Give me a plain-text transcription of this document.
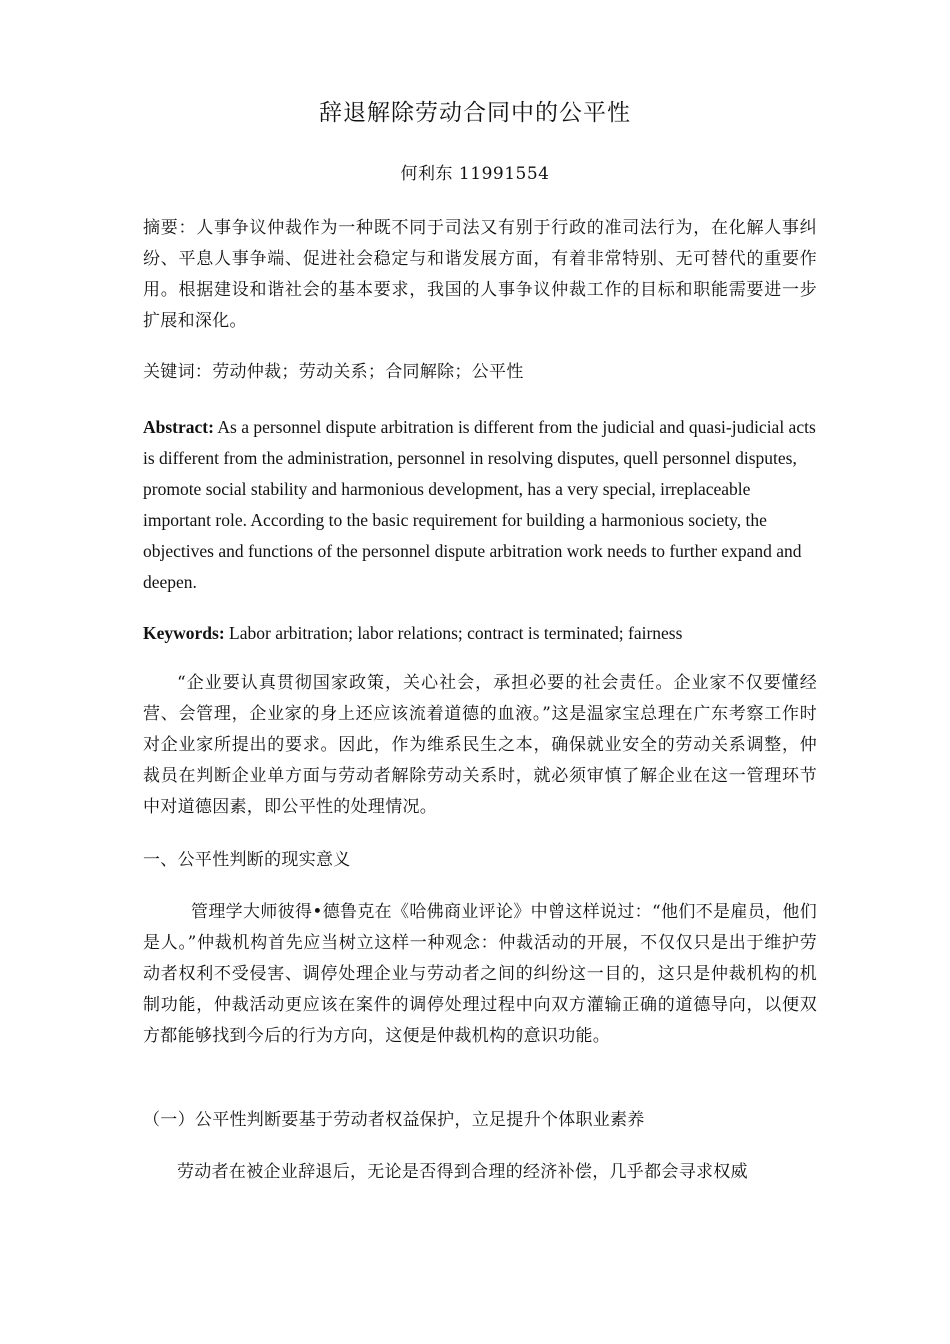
辞退解除劳动合同中的公平性
何利东 11991554

摘要：人事争议仲裁作为一种既不同于司法又有别于行政的准司法行为，在化解人事纠纷、平息人事争端、促进社会稳定与和谐发展方面，有着非常特别、无可替代的重要作用。根据建设和谐社会的基本要求，我国的人事争议仲裁工作的目标和职能需要进一步扩展和深化。

关键词：劳动仲裁；劳动关系；合同解除；公平性

Abstract: As a personnel dispute arbitration is different from the judicial and quasi-judicial acts is different from the administration, personnel in resolving disputes, quell personnel disputes, promote social stability and harmonious development, has a very special, irreplaceable important role. According to the basic requirement for building a harmonious society, the objectives and functions of the personnel dispute arbitration work needs to further expand and deepen.

Keywords: Labor arbitration; labor relations; contract is terminated; fairness

“企业要认真贯彻国家政策，关心社会，承担必要的社会责任。企业家不仅要懂经营、会管理，企业家的身上还应该流着道德的血液。”这是温家宝总理在广东考察工作时对企业家所提出的要求。因此，作为维系民生之本，确保就业安全的劳动关系调整，仲裁员在判断企业单方面与劳动者解除劳动关系时，就必须审慎了解企业在这一管理环节中对道德因素，即公平性的处理情况。

一、公平性判断的现实意义

管理学大师彼得•德鲁克在《哈佛商业评论》中曾这样说过：“他们不是雇员，他们是人。”仲裁机构首先应当树立这样一种观念：仲裁活动的开展，不仅仅只是出于维护劳动者权利不受侵害、调停处理企业与劳动者之间的纠纷这一目的，这只是仲裁机构的机制功能，仲裁活动更应该在案件的调停处理过程中向双方灌输正确的道德导向，以便双方都能够找到今后的行为方向，这便是仲裁机构的意识功能。

（一）公平性判断要基于劳动者权益保护，立足提升个体职业素养

劳动者在被企业辞退后，无论是否得到合理的经济补偿，几乎都会寻求权威
